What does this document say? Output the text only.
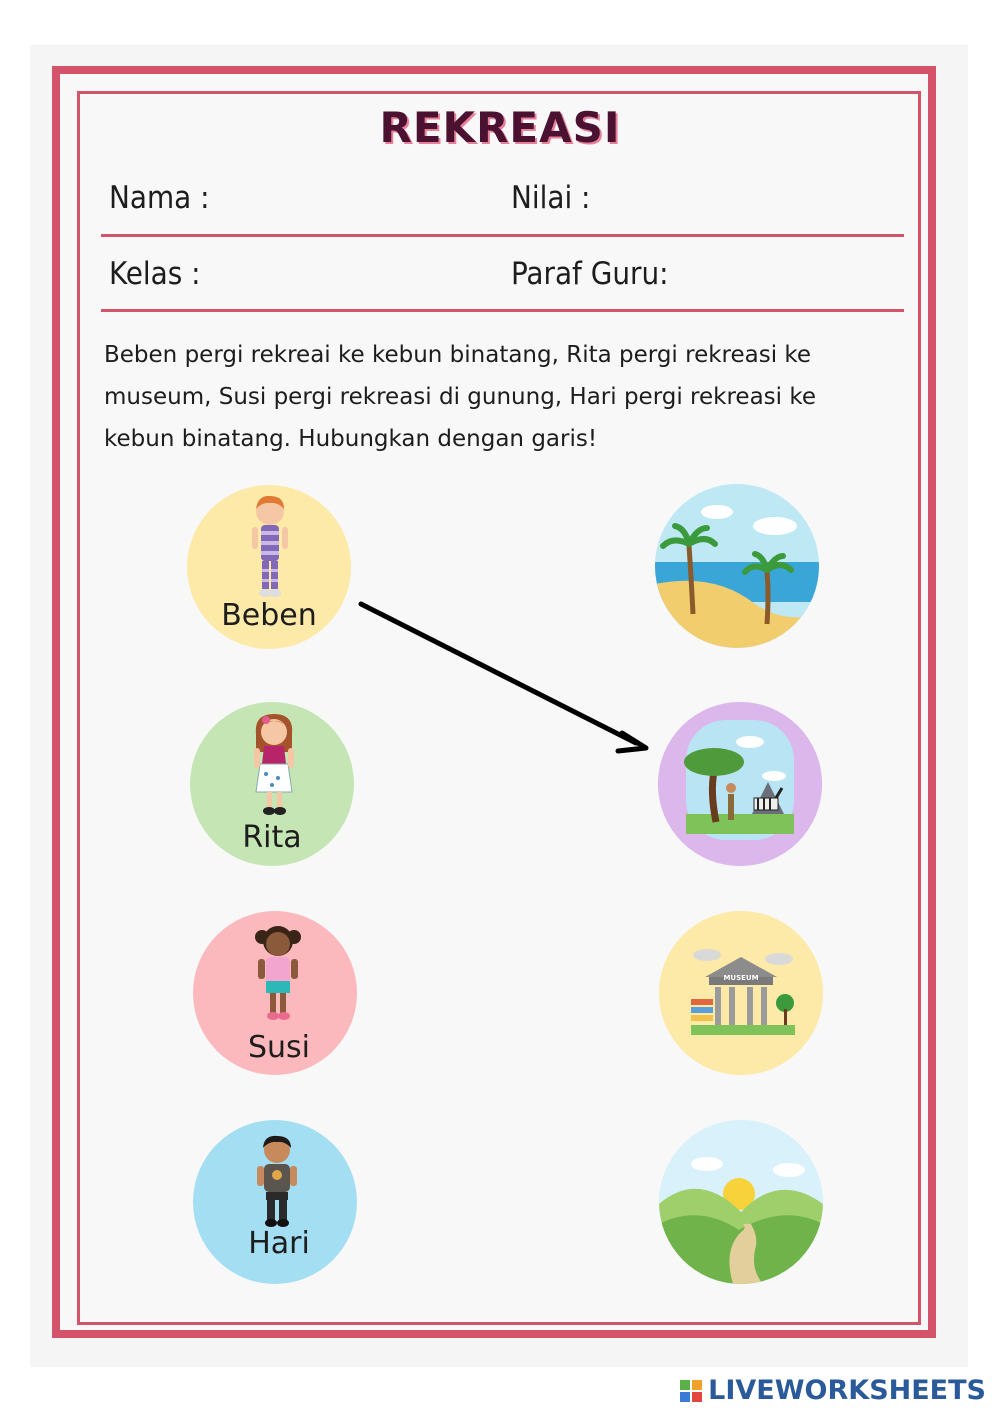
REKREASI
Nama :	Nilai :
Kelas :	Paraf Guru:
Beben pergi rekreai ke kebun binatang, Rita pergi rekreasi ke
museum, Susi pergi rekreasi di gunung, Hari pergi rekreasi ke
kebun binatang. Hubungkan dengan garis!
Beben
Rita
Susi
Hari
MUSEUM
LIVEWORKSHEETS
